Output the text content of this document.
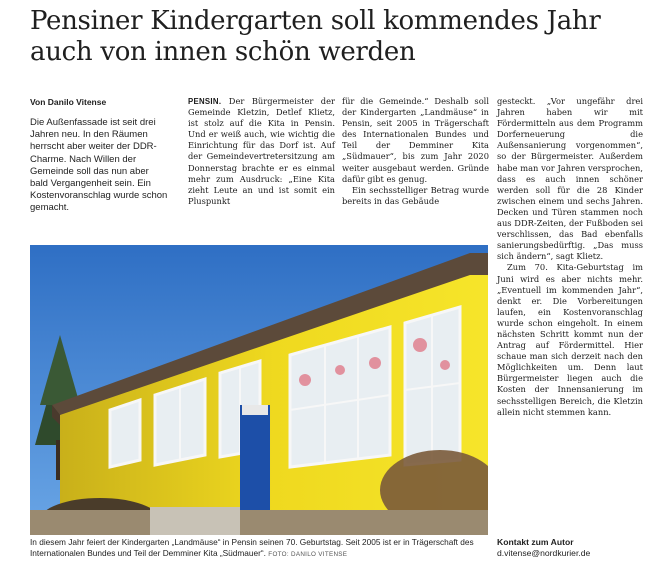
Pensiner Kindergarten soll kommendes Jahr auch von innen schön werden
Von Danilo Vitense
Die Außenfassade ist seit drei Jahren neu. In den Räumen herrscht aber weiter der DDR-Charme. Nach Willen der Gemeinde soll das nun aber bald Vergangenheit sein. Ein Kostenvoranschlag wurde schon gemacht.

PENSIN. Der Bürgermeister der Gemeinde Kletzin, Detlef Klietz, ist stolz auf die Kita in Pensin. Und er weiß auch, wie wichtig die Einrichtung für das Dorf ist. Auf der Gemeindevertretersitzung am Donnerstag brachte er es einmal mehr zum Ausdruck: „Eine Kita zieht Leute an und ist somit ein Pluspunkt

für die Gemeinde.“ Deshalb soll der Kindergarten „Landmäuse“ in Pensin, seit 2005 in Trägerschaft des Internationalen Bundes und Teil der Demminer Kita „Südmauer“, bis zum Jahr 2020 weiter ausgebaut werden. Gründe dafür gibt es genug.

Ein sechsstelliger Betrag wurde bereits in das Gebäude

gesteckt. „Vor ungefähr drei Jahren haben wir mit Fördermitteln aus dem Programm Dorferneuerung die Außensanierung vorgenommen“, so der Bürgermeister. Außerdem habe man vor Jahren versprochen, dass es auch innen schöner werden soll für die 28 Kinder zwischen einem und sechs Jahren. Decken und Türen stammen noch aus DDR-Zeiten, der Fußboden sei verschlissen, das Bad ebenfalls sanierungsbedürftig. „Das muss sich ändern“, sagt Klietz.

Zum 70. Kita-Geburtstag im Juni wird es aber nichts mehr. „Eventuell im kommenden Jahr“, denkt er. Die Vorbereitungen laufen, ein Kostenvoranschlag wurde schon eingeholt. In einem nächsten Schritt kommt nun der Antrag auf Fördermittel. Hier schaue man sich derzeit nach den Möglichkeiten um. Denn laut Bürgermeister liegen auch die Kosten der Innensanierung im sechsstelligen Bereich, die Kletzin allein nicht stemmen kann.

In diesem Jahr feiert der Kindergarten „Landmäuse“ in Pensin seinen 70. Geburtstag. Seit 2005 ist er in Trägerschaft des Internationalen Bundes und Teil der Demminer Kita „Südmauer“. FOTO: DANILO VITENSE
Kontakt zum Autor
d.vitense@nordkurier.de
